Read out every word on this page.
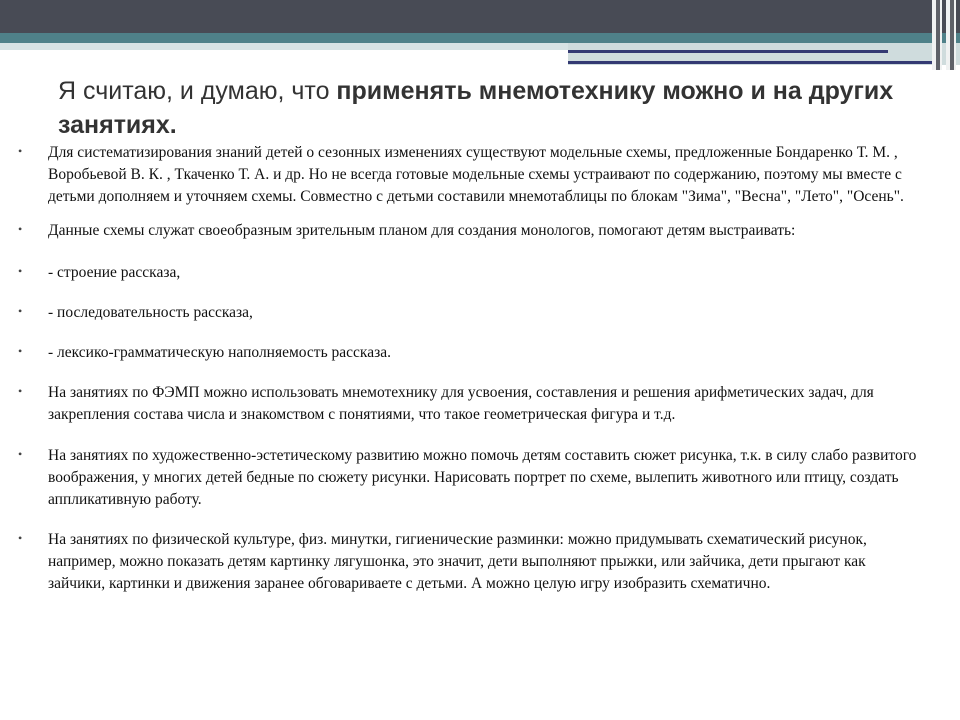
Я считаю, и думаю, что применять мнемотехнику можно и на других занятиях.
•	Для систематизирования знаний детей о сезонных изменениях существуют модельные схемы, предложенные Бондаренко Т. М. , Воробьевой В. К. , Ткаченко Т. А. и др. Но не всегда готовые модельные схемы устраивают по содержанию, поэтому мы вместе с детьми дополняем и уточняем схемы. Совместно с детьми составили мнемотаблицы по блокам "Зима", "Весна", "Лето", "Осень".

•	Данные схемы служат своеобразным зрительным планом для создания монологов, помогают детям выстраивать:

•	- строение рассказа,

•	- последовательность рассказа,

•	- лексико-грамматическую наполняемость рассказа.

•	На занятиях по ФЭМП можно использовать мнемотехнику для усвоения, составления и решения арифметических задач, для закрепления состава числа и знакомством с понятиями, что такое геометрическая фигура и т.д.

•	На занятиях по художественно-эстетическому развитию можно помочь детям составить сюжет рисунка, т.к. в силу слабо развитого воображения, у многих детей бедные по сюжету рисунки. Нарисовать портрет по схеме, вылепить животного или птицу, создать аппликативную работу.

•	На занятиях по физической культуре, физ. минутки, гигиенические разминки: можно придумывать схематический рисунок, например, можно показать детям картинку лягушонка, это значит, дети выполняют прыжки, или зайчика, дети прыгают как зайчики, картинки и движения заранее обговариваете с детьми. А можно целую игру изобразить схематично.
